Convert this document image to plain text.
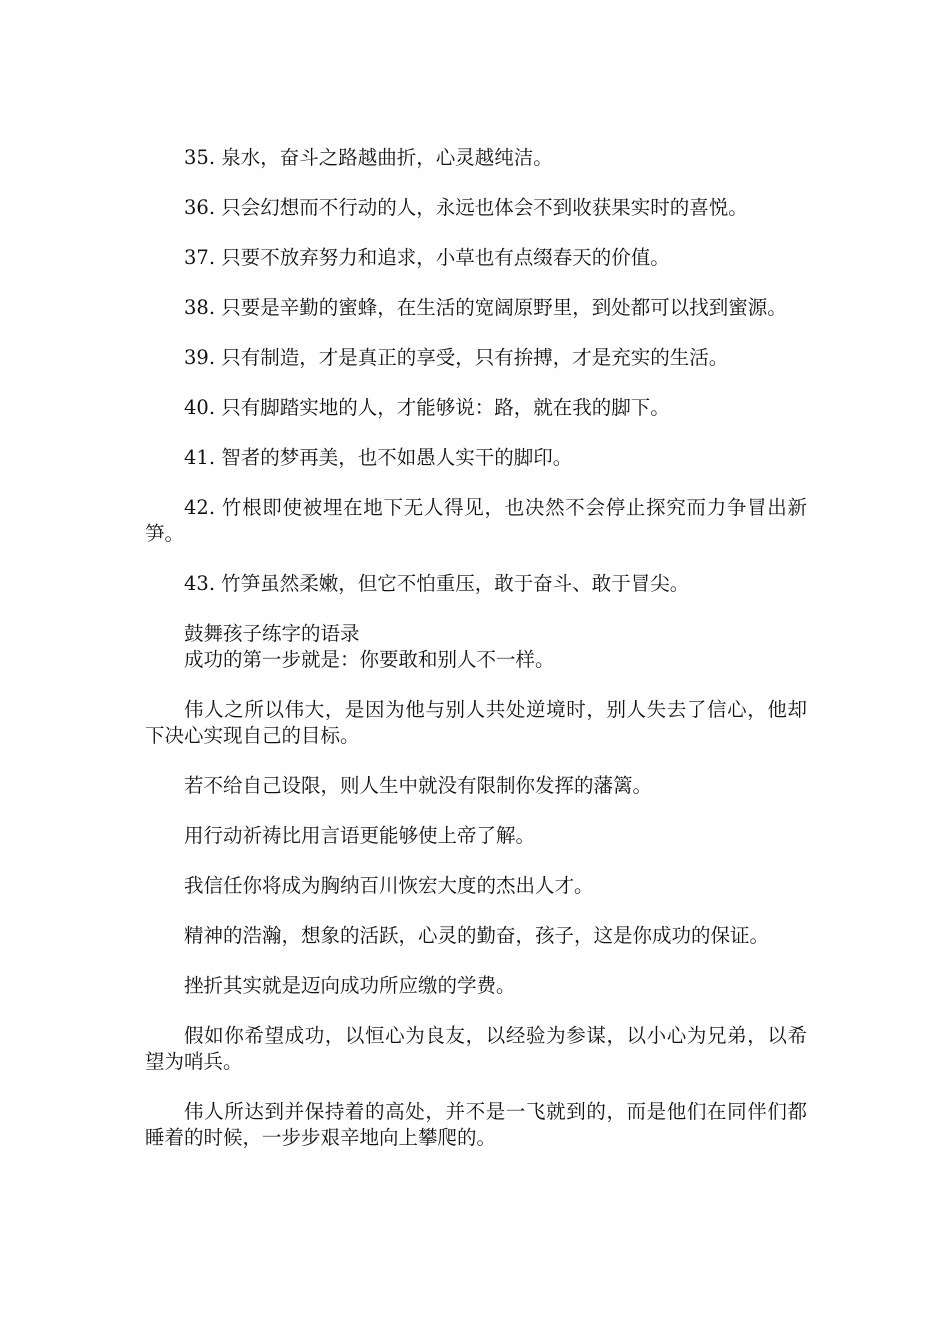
35. 泉水，奋斗之路越曲折，心灵越纯洁。

36. 只会幻想而不行动的人，永远也体会不到收获果实时的喜悦。

37. 只要不放弃努力和追求，小草也有点缀春天的价值。

38. 只要是辛勤的蜜蜂，在生活的宽阔原野里，到处都可以找到蜜源。

39. 只有制造，才是真正的享受，只有拚搏，才是充实的生活。

40. 只有脚踏实地的人，才能够说：路，就在我的脚下。

41. 智者的梦再美，也不如愚人实干的脚印。

42. 竹根即使被埋在地下无人得见，也决然不会停止探究而力争冒出新笋。

43. 竹笋虽然柔嫩，但它不怕重压，敢于奋斗、敢于冒尖。

鼓舞孩子练字的语录

成功的第一步就是：你要敢和别人不一样。

伟人之所以伟大，是因为他与别人共处逆境时，别人失去了信心，他却下决心实现自己的目标。

若不给自己设限，则人生中就没有限制你发挥的藩篱。

用行动祈祷比用言语更能够使上帝了解。

我信任你将成为胸纳百川恢宏大度的杰出人才。

精神的浩瀚，想象的活跃，心灵的勤奋，孩子，这是你成功的保证。

挫折其实就是迈向成功所应缴的学费。

假如你希望成功，以恒心为良友，以经验为参谋，以小心为兄弟，以希望为哨兵。

伟人所达到并保持着的高处，并不是一飞就到的，而是他们在同伴们都睡着的时候，一步步艰辛地向上攀爬的。
